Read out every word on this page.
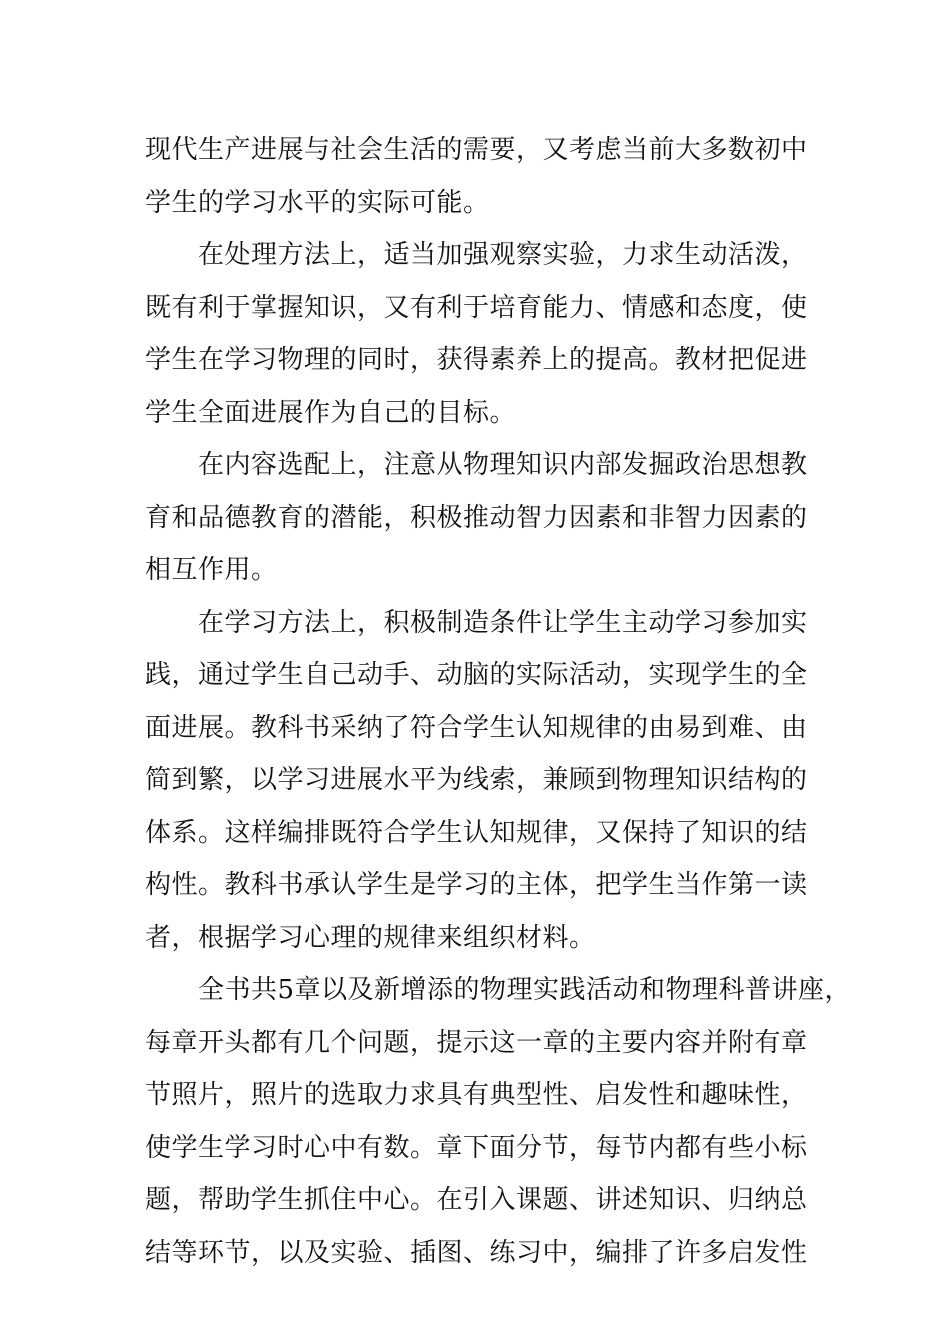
现代生产进展与社会生活的需要，又考虑当前大多数初中
学生的学习水平的实际可能。
在处理方法上，适当加强观察实验，力求生动活泼，
既有利于掌握知识，又有利于培育能力、情感和态度，使
学生在学习物理的同时，获得素养上的提高。教材把促进
学生全面进展作为自己的目标。
在内容选配上，注意从物理知识内部发掘政治思想教
育和品德教育的潜能，积极推动智力因素和非智力因素的
相互作用。
在学习方法上，积极制造条件让学生主动学习参加实
践，通过学生自己动手、动脑的实际活动，实现学生的全
面进展。教科书采纳了符合学生认知规律的由易到难、由
简到繁，以学习进展水平为线索，兼顾到物理知识结构的
体系。这样编排既符合学生认知规律，又保持了知识的结
构性。教科书承认学生是学习的主体，把学生当作第一读
者，根据学习心理的规律来组织材料。
全书共5章以及新增添的物理实践活动和物理科普讲座，
每章开头都有几个问题，提示这一章的主要内容并附有章
节照片，照片的选取力求具有典型性、启发性和趣味性，
使学生学习时心中有数。章下面分节，每节内都有些小标
题，帮助学生抓住中心。在引入课题、讲述知识、归纳总
结等环节，以及实验、插图、练习中，编排了许多启发性
